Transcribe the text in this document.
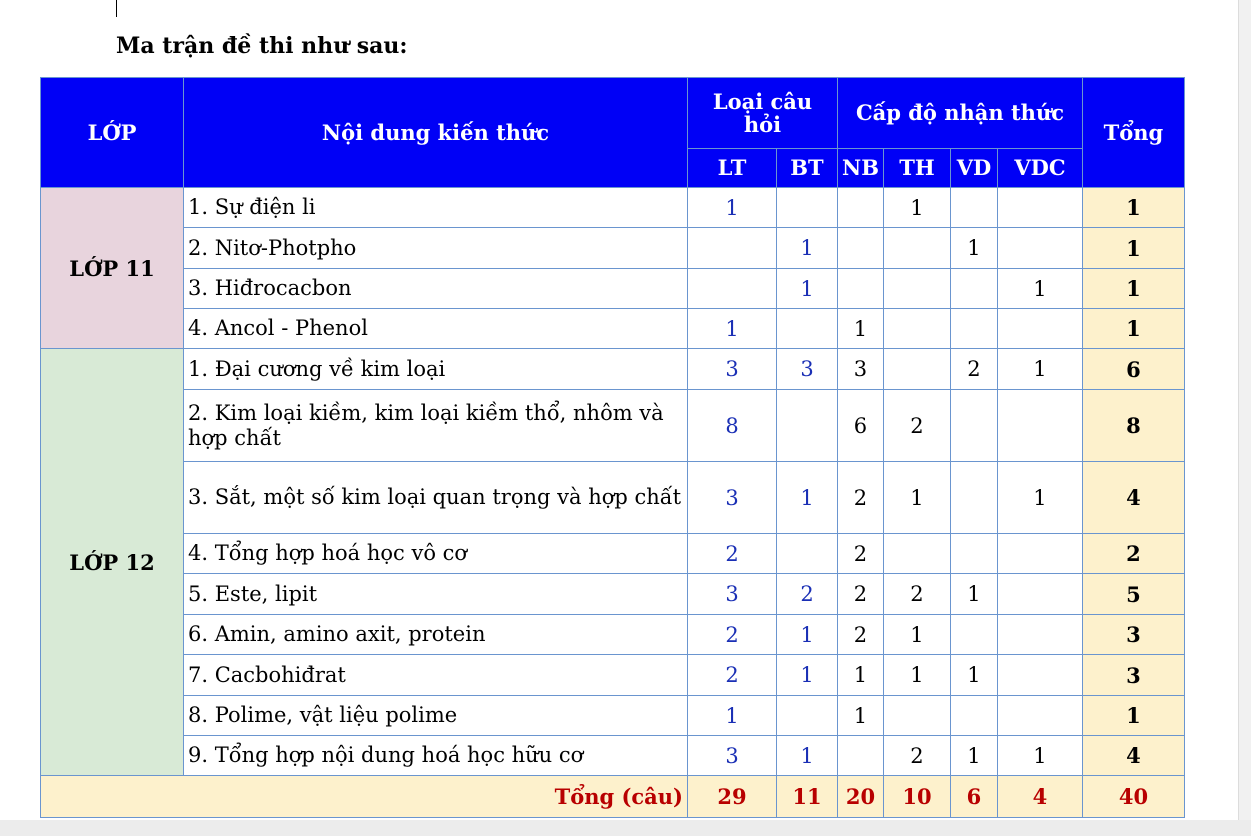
Ma trận đề thi như sau:
LỚP	Nội dung kiến thức	Loại câu hỏi		Cấp độ nhận thức				Tổng
		LT	BT	NB	TH	VD	VDC	
LỚP 11	1. Sự điện li	1			1			1
	2. Nitơ-Photpho		1			1		1
	3. Hiđrocacbon		1				1	1
	4. Ancol - Phenol	1		1				1
LỚP 12	1. Đại cương về kim loại	3	3	3		2	1	6
	2. Kim loại kiềm, kim loại kiềm thổ, nhôm và hợp chất	8		6	2			8
	3. Sắt, một số kim loại quan trọng và hợp chất	3	1	2	1		1	4
	4. Tổng hợp hoá học vô cơ	2		2				2
	5. Este, lipit	3	2	2	2	1		5
	6. Amin, amino axit, protein	2	1	2	1			3
	7. Cacbohiđrat	2	1	1	1	1		3
	8. Polime, vật liệu polime	1		1				1
	9. Tổng hợp nội dung hoá học hữu cơ	3	1		2	1	1	4
Tổng (câu)		29	11	20	10	6	4	40
